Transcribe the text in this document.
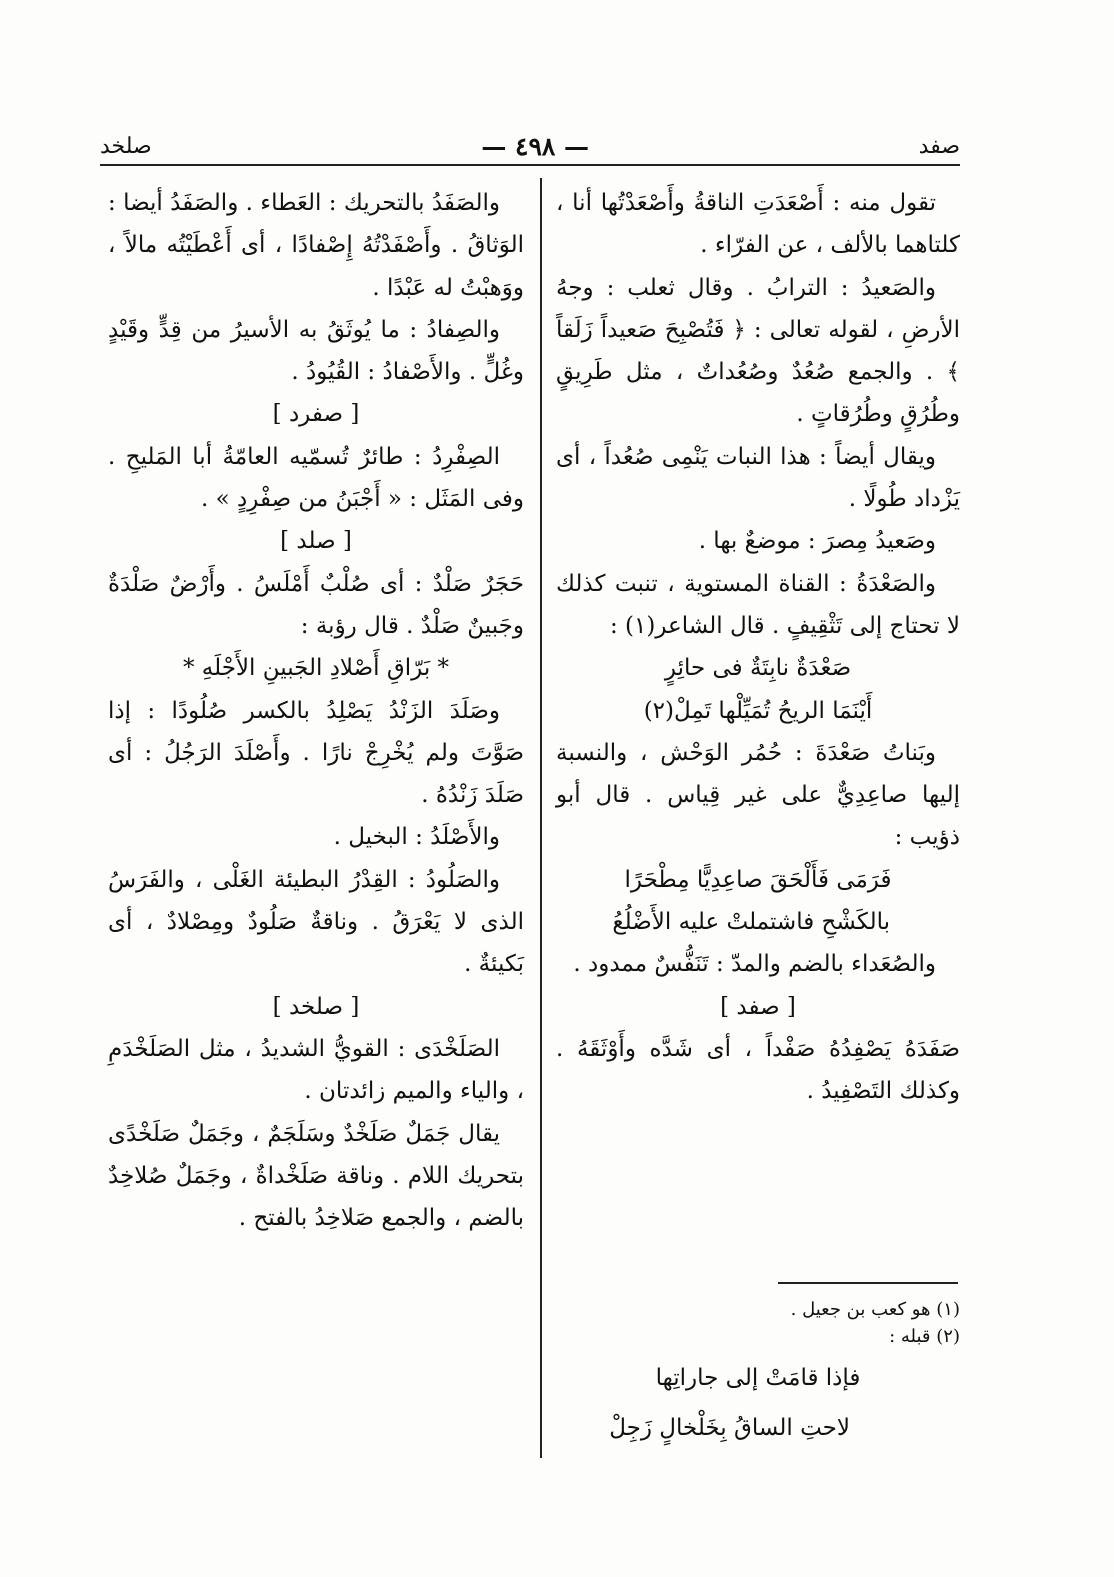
صفد
— ٤٩٨ —
صلخد

تقول منه : أَصْعَدَتِ الناقةُ وأَصْعَدْتُها أنا ، كلتاهما بالألف ، عن الفرّاء .

والصَعيدُ : الترابُ . وقال ثعلب : وجهُ الأرضِ ، لقوله تعالى : ﴿ فَتُصْبِحَ صَعيداً زَلَقاً ﴾ . والجمع صُعُدٌ وصُعُداتٌ ، مثل طَرِيقٍ وطُرُقٍ وطُرُقاتٍ .

ويقال أيضاً : هذا النبات يَنْمِى صُعُداً ، أى يَزْداد طُولًا .

وصَعيدُ مِصرَ : موضعٌ بها .

والصَعْدَةُ : القناة المستوية ، تنبت كذلك لا تحتاج إلى تَثْقِيفٍ . قال الشاعر(١) :

صَعْدَةٌ نابِتَةٌ فى حائِرٍ

أَيْنَمَا الريحُ تُمَيِّلْها تَمِلْ(٢)

وبَناتُ صَعْدَةَ : حُمُر الوَحْش ، والنسبة إليها صاعِدِيٌّ على غير قِياس . قال أبو ذؤيب :

فَرَمَى فَأَلْحَقَ صاعِدِيًّا مِطْحَرًا

بالكَشْحِ فاشتملتْ عليه الأَضْلُعُ

والصُعَداء بالضم والمدّ : تَنَفُّسٌ ممدود .

[ صفد ]

صَفَدَهُ يَصْفِدُهُ صَفْداً ، أى شَدَّه وأَوْثَقَهُ . وكذلك التَصْفِيدُ .

والصَفَدُ بالتحريك : العَطاء . والصَفَدُ أيضا : الوَثاقُ . وأَصْفَدْتُهُ إِصْفادًا ، أى أَعْطَيْتُه مالاً ، ووَهبْتُ له عَبْدًا .

والصِفادُ : ما يُوثَقُ به الأسيرُ من قِدٍّ وقَيْدٍ وغُلٍّ . والأَصْفادُ : القُيُودُ .

[ صفرد ]

الصِفْرِدُ : طائرٌ تُسمّيه العامّةُ أبا المَليحِ . وفى المَثَل : « أَجْبَنُ من صِفْرِدٍ » .

[ صلد ]

حَجَرٌ صَلْدٌ : أى صُلْبٌ أَمْلَسُ . وأَرْضٌ صَلْدَةٌ وجَبينٌ صَلْدٌ . قال رؤبة :

* بَرّاقِ أَصْلادِ الجَبينِ الأَجْلَهِ *

وصَلَدَ الزَنْدُ يَصْلِدُ بالكسر صُلُودًا : إذا صَوَّتَ ولم يُخْرِجْ نارًا . وأَصْلَدَ الرَجُلُ : أى صَلَدَ زَنْدُهُ .

والأَصْلَدُ : البخيل .

والصَلُودُ : القِدْرُ البطيئة الغَلْى ، والفَرَسُ الذى لا يَعْرَقُ . وناقةٌ صَلُودٌ ومِصْلادٌ ، أى بَكيئةٌ .

[ صلخد ]

الصَلَخْدَى : القويُّ الشديدُ ، مثل الصَلَخْدَمِ ، والياء والميم زائدتان .

يقال جَمَلٌ صَلَخْدٌ وسَلَجَمٌ ، وجَمَلٌ صَلَخْدًى بتحريك اللام . وناقة صَلَخْداةٌ ، وجَمَلٌ صُلاخِدٌ بالضم ، والجمع صَلاخِدُ بالفتح .

(١) هو كعب بن جعيل .
(٢) قبله :
فإذا قامَتْ إلى جاراتِها
لاحتِ الساقُ بِخَلْخالٍ زَجِلْ
